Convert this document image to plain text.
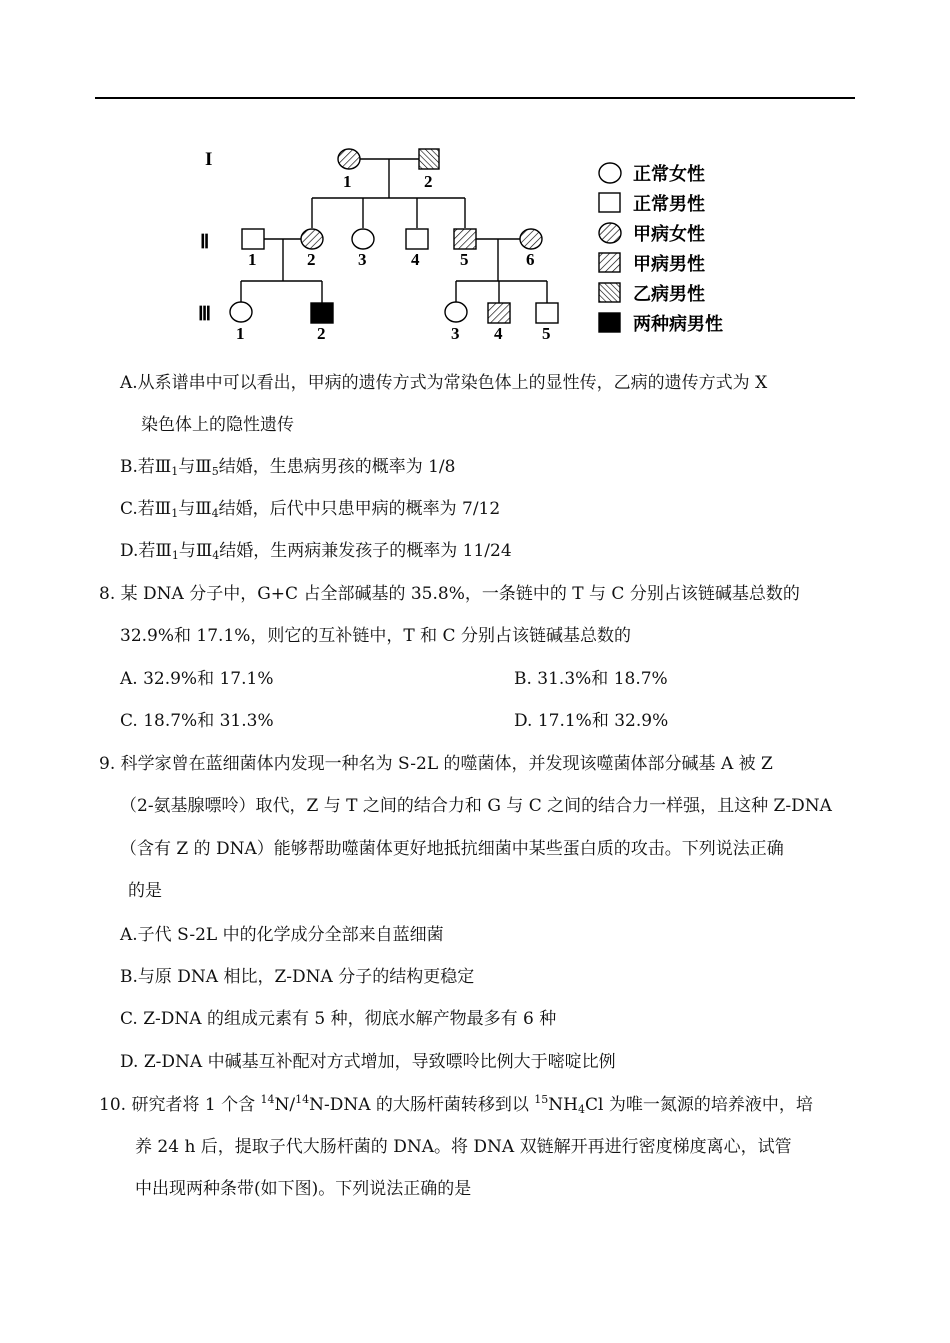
I
Ⅱ
Ⅲ
1	2
1	2	3	4 5	6
1	2	3 4 5
正常女性
正常男性
甲病女性
甲病男性
乙病男性
两种病男性
A.从系谱串中可以看出，甲病的遗传方式为常染色体上的显性传，乙病的遗传方式为 X
染色体上的隐性遗传
B.若$Ⅲ_1$与$Ⅲ_5$结婚，生患病男孩的概率为 1/8
C.若$Ⅲ_1$与$Ⅲ_4$结婚，后代中只患甲病的概率为 7/12
D.若$Ⅲ_1$与$Ⅲ_4$结婚，生两病兼发孩子的概率为 11/24
8. 某 DNA 分子中，G+C 占全部碱基的 35.8%，一条链中的 T 与 C 分别占该链碱基总数的
32.9%和 17.1%，则它的互补链中，T 和 C 分别占该链碱基总数的
A. 32.9%和 17.1%	B. 31.3%和 18.7%
C. 18.7%和 31.3%	D. 17.1%和 32.9%
9. 科学家曾在蓝细菌体内发现一种名为 S-2L 的噬菌体，并发现该噬菌体部分碱基 A 被 Z
（2-氨基腺嘌呤）取代，Z 与 T 之间的结合力和 G 与 C 之间的结合力一样强，且这种 Z-DNA
（含有 Z 的 DNA）能够帮助噬菌体更好地抵抗细菌中某些蛋白质的攻击。下列说法正确
的是
A.子代 S-2L 中的化学成分全部来自蓝细菌
B.与原 DNA 相比，Z-DNA 分子的结构更稳定
C. Z-DNA 的组成元素有 5 种，彻底水解产物最多有 6 种
D. Z-DNA 中碱基互补配对方式增加，导致嘌呤比例大于嘧啶比例
10. 研究者将 1 个含 $^{14}$N/$^{14}$N-DNA 的大肠杆菌转移到以 $^{15}NH_4Cl$ 为唯一氮源的培养液中，培
养 24 h 后，提取子代大肠杆菌的 DNA。将 DNA 双链解开再进行密度梯度离心，试管
中出现两种条带(如下图)。下列说法正确的是
